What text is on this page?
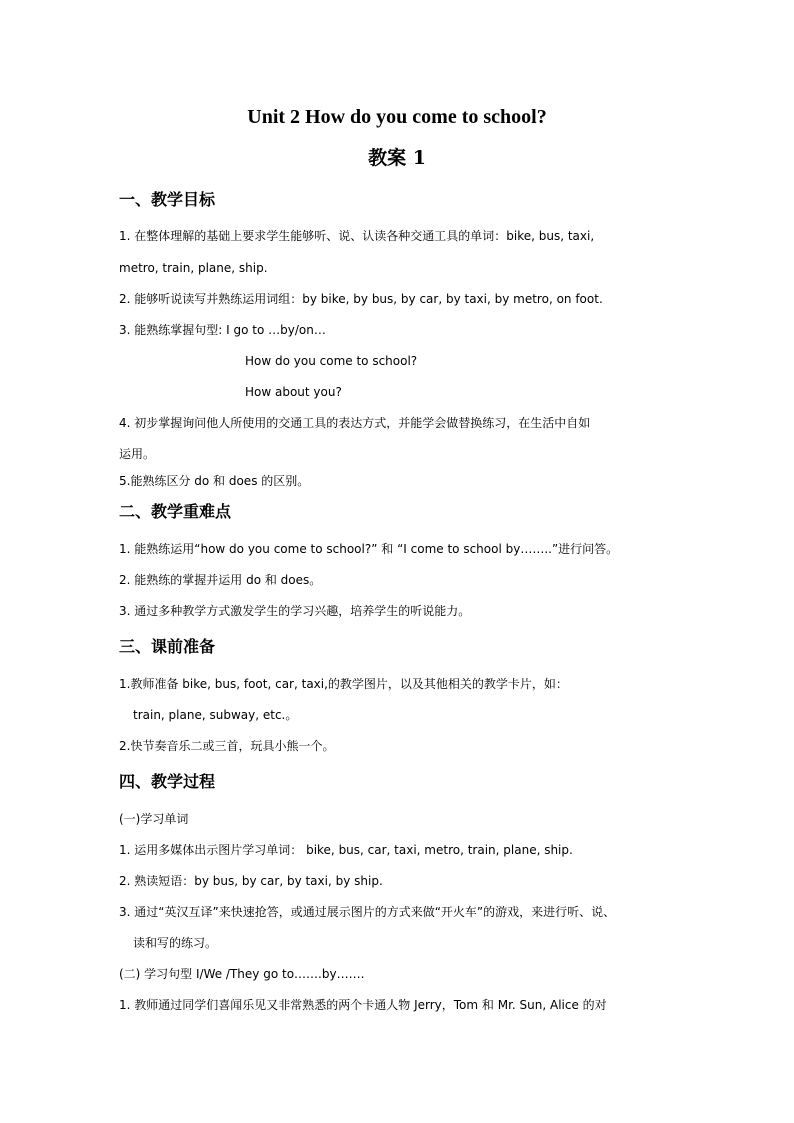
Unit 2 How do you come to school?
教案 1
一、教学目标
1. 在整体理解的基础上要求学生能够听、说、认读各种交通工具的单词：bike, bus, taxi,
metro, train, plane, ship.
2. 能够听说读写并熟练运用词组：by bike, by bus, by car, by taxi, by metro, on foot.
3. 能熟练掌握句型: I go to …by/on…
How do you come to school?
How about you?
4. 初步掌握询问他人所使用的交通工具的表达方式，并能学会做替换练习，在生活中自如
运用。
5.能熟练区分 do 和 does 的区别。
二、教学重难点
1. 能熟练运用“how do you come to school?” 和 “I come to school by……..”进行问答。
2. 能熟练的掌握并运用 do 和 does。
3. 通过多种教学方式激发学生的学习兴趣，培养学生的听说能力。
三、课前准备
1.教师准备 bike, bus, foot, car, taxi,的教学图片，以及其他相关的教学卡片，如：
train, plane, subway, etc.。
2.快节奏音乐二或三首，玩具小熊一个。
四、教学过程
(一)学习单词
1. 运用多媒体出示图片学习单词： bike, bus, car, taxi, metro, train, plane, ship.
2. 熟读短语：by bus, by car, by taxi, by ship.
3. 通过“英汉互译”来快速抢答，或通过展示图片的方式来做“开火车”的游戏，来进行听、说、
读和写的练习。
(二) 学习句型 I/We /They go to…….by…….
1. 教师通过同学们喜闻乐见又非常熟悉的两个卡通人物 Jerry，Tom 和 Mr. Sun, Alice 的对
